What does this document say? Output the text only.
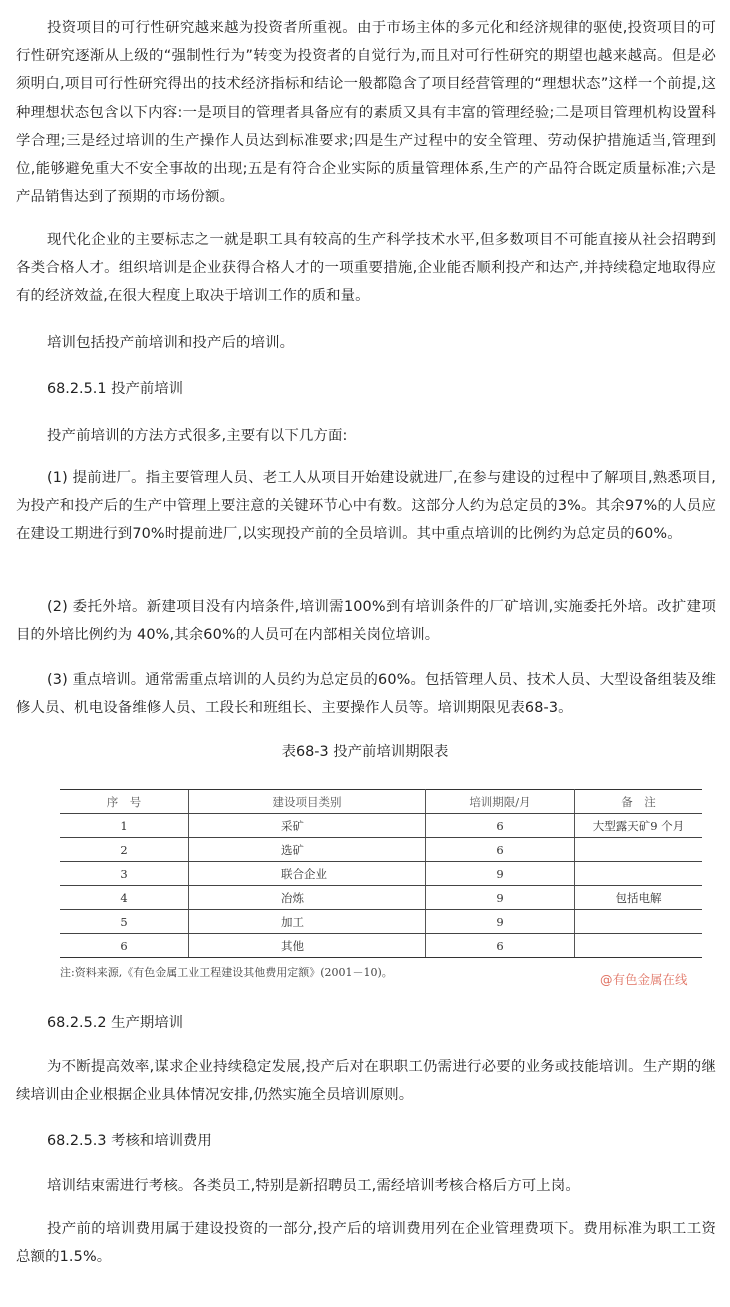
投资项目的可行性研究越来越为投资者所重视。由于市场主体的多元化和经济规律的驱使,投资项目的可行性研究逐渐从上级的“强制性行为”转变为投资者的自觉行为,而且对可行性研究的期望也越来越高。但是必须明白,项目可行性研究得出的技术经济指标和结论一般都隐含了项目经营管理的“理想状态”这样一个前提,这种理想状态包含以下内容:一是项目的管理者具备应有的素质又具有丰富的管理经验;二是项目管理机构设置科学合理;三是经过培训的生产操作人员达到标准要求;四是生产过程中的安全管理、劳动保护措施适当,管理到位,能够避免重大不安全事故的出现;五是有符合企业实际的质量管理体系,生产的产品符合既定质量标准;六是产品销售达到了预期的市场份额。

现代化企业的主要标志之一就是职工具有较高的生产科学技术水平,但多数项目不可能直接从社会招聘到各类合格人才。组织培训是企业获得合格人才的一项重要措施,企业能否顺利投产和达产,并持续稳定地取得应有的经济效益,在很大程度上取决于培训工作的质和量。

培训包括投产前培训和投产后的培训。

68.2.5.1 投产前培训

投产前培训的方法方式很多,主要有以下几方面:

(1) 提前进厂。指主要管理人员、老工人从项目开始建设就进厂,在参与建设的过程中了解项目,熟悉项目,为投产和投产后的生产中管理上要注意的关键环节心中有数。这部分人约为总定员的3%。其余97%的人员应在建设工期进行到70%时提前进厂,以实现投产前的全员培训。其中重点培训的比例约为总定员的60%。

(2) 委托外培。新建项目没有内培条件,培训需100%到有培训条件的厂矿培训,实施委托外培。改扩建项目的外培比例约为 40%,其余60%的人员可在内部相关岗位培训。

(3) 重点培训。通常需重点培训的人员约为总定员的60%。包括管理人员、技术人员、大型设备组装及维修人员、机电设备维修人员、工段长和班组长、主要操作人员等。培训期限见表68-3。

表68-3 投产前培训期限表

序　号	建设项目类别	培训期限/月	备　注
1	采矿	6	大型露天矿9 个月
2	选矿	6	
3	联合企业	9	
4	冶炼	9	包括电解
5	加工	9	
6	其他	6	

注:资料来源,《有色金属工业工程建设其他费用定额》(2001－10)。	@有色金属在线

68.2.5.2 生产期培训

为不断提高效率,谋求企业持续稳定发展,投产后对在职职工仍需进行必要的业务或技能培训。生产期的继续培训由企业根据企业具体情况安排,仍然实施全员培训原则。

68.2.5.3 考核和培训费用

培训结束需进行考核。各类员工,特别是新招聘员工,需经培训考核合格后方可上岗。

投产前的培训费用属于建设投资的一部分,投产后的培训费用列在企业管理费项下。费用标准为职工工资总额的1.5%。
